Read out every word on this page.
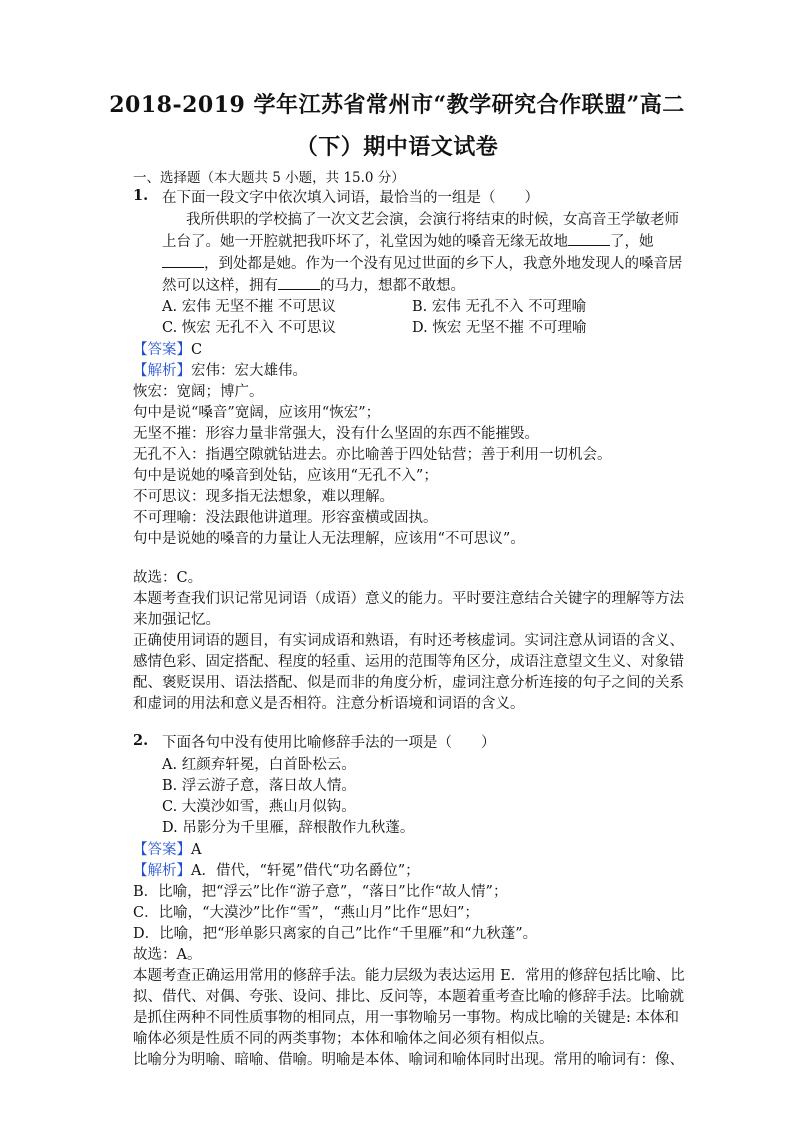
2018-2019 学年江苏省常州市“教学研究合作联盟”高二
（下）期中语文试卷
一、选择题（本大题共 5 小题，共 15.0 分）
1. 在下面一段文字中依次填入词语，最恰当的一组是（　　）
我所供职的学校搞了一次文艺会演，会演行将结束的时候，女高音王学敏老师
上台了。她一开腔就把我吓坏了，礼堂因为她的嗓音无缘无故地	了，她
，到处都是她。作为一个没有见过世面的乡下人，我意外地发现人的嗓音居
然可以这样，拥有	的马力，想都不敢想。
A. 宏伟 无坚不摧 不可思议	B. 宏伟 无孔不入 不可理喻
C. 恢宏 无孔不入 不可思议	D. 恢宏 无坚不摧 不可理喻
【答案】C
【解析】宏伟：宏大雄伟。
恢宏：宽阔；博广。
句中是说“嗓音”宽阔，应该用“恢宏”；
无坚不摧：形容力量非常强大，没有什么坚固的东西不能摧毁。
无孔不入：指遇空隙就钻进去。亦比喻善于四处钻营；善于利用一切机会。
句中是说她的嗓音到处钻，应该用“无孔不入”；
不可思议：现多指无法想象，难以理解。
不可理喻：没法跟他讲道理。形容蛮横或固执。
句中是说她的嗓音的力量让人无法理解，应该用“不可思议”。
故选：C。
本题考查我们识记常见词语（成语）意义的能力。平时要注意结合关键字的理解等方法
来加强记忆。
正确使用词语的题目，有实词成语和熟语，有时还考核虚词。实词注意从词语的含义、
感情色彩、固定搭配、程度的轻重、运用的范围等角区分，成语注意望文生义、对象错
配、褒贬误用、语法搭配、似是而非的角度分析，虚词注意分析连接的句子之间的关系
和虚词的用法和意义是否相符。注意分析语境和词语的含义。
2. 下面各句中没有使用比喻修辞手法的一项是（　　）
A. 红颜弃轩冕，白首卧松云。
B. 浮云游子意，落日故人情。
C. 大漠沙如雪，燕山月似钩。
D. 吊影分为千里雁，辞根散作九秋蓬。
【答案】A
【解析】A．借代，“轩冕”借代“功名爵位”；
B．比喻，把“浮云”比作“游子意”，“落日”比作“故人情”；
C．比喻，“大漠沙”比作“雪”，“燕山月”比作“思妇”；
D．比喻，把“形单影只离家的自己”比作“千里雁”和“九秋蓬”。
故选：A。
本题考查正确运用常用的修辞手法。能力层级为表达运用 E．常用的修辞包括比喻、比
拟、借代、对偶、夸张、设问、排比、反问等，本题着重考查比喻的修辞手法。比喻就
是抓住两种不同性质事物的相同点，用一事物喻另一事物。构成比喻的关键是: 本体和
喻体必须是性质不同的两类事物；本体和喻体之间必须有相似点。
比喻分为明喻、暗喻、借喻。明喻是本体、喻词和喻体同时出现。常用的喻词有：像、
